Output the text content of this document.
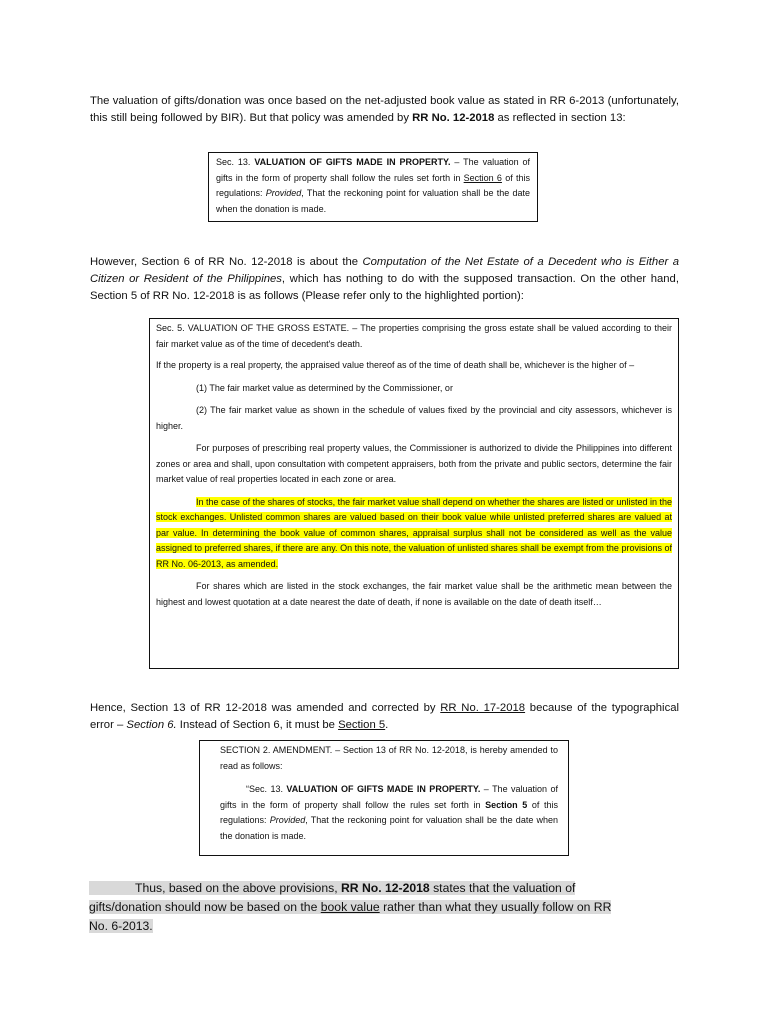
The valuation of gifts/donation was once based on the net-adjusted book value as stated in RR 6-2013 (unfortunately, this still being followed by BIR). But that policy was amended by RR No. 12-2018 as reflected in section 13:

Sec. 13. VALUATION OF GIFTS MADE IN PROPERTY. – The valuation of gifts in the form of property shall follow the rules set forth in Section 6 of this regulations: Provided, That the reckoning point for valuation shall be the date when the donation is made.

However, Section 6 of RR No. 12-2018 is about the Computation of the Net Estate of a Decedent who is Either a Citizen or Resident of the Philippines, which has nothing to do with the supposed transaction. On the other hand, Section 5 of RR No. 12-2018 is as follows (Please refer only to the highlighted portion):

Sec. 5. VALUATION OF THE GROSS ESTATE. – The properties comprising the gross estate shall be valued according to their fair market value as of the time of decedent's death.

If the property is a real property, the appraised value thereof as of the time of death shall be, whichever is the higher of –

(1) The fair market value as determined by the Commissioner, or

(2) The fair market value as shown in the schedule of values fixed by the provincial and city assessors, whichever is higher.

For purposes of prescribing real property values, the Commissioner is authorized to divide the Philippines into different zones or area and shall, upon consultation with competent appraisers, both from the private and public sectors, determine the fair market value of real properties located in each zone or area.

In the case of the shares of stocks, the fair market value shall depend on whether the shares are listed or unlisted in the stock exchanges. Unlisted common shares are valued based on their book value while unlisted preferred shares are valued at par value. In determining the book value of common shares, appraisal surplus shall not be considered as well as the value assigned to preferred shares, if there are any. On this note, the valuation of unlisted shares shall be exempt from the provisions of RR No. 06-2013, as amended.

For shares which are listed in the stock exchanges, the fair market value shall be the arithmetic mean between the highest and lowest quotation at a date nearest the date of death, if none is available on the date of death itself…

Hence, Section 13 of RR 12-2018 was amended and corrected by RR No. 17-2018 because of the typographical error – Section 6. Instead of Section 6, it must be Section 5.

SECTION 2. AMENDMENT. – Section 13 of RR No. 12-2018, is hereby amended to read as follows:

“Sec. 13. VALUATION OF GIFTS MADE IN PROPERTY. – The valuation of gifts in the form of property shall follow the rules set forth in Section 5 of this regulations: Provided, That the reckoning point for valuation shall be the date when the donation is made.

Thus, based on the above provisions, RR No. 12-2018 states that the valuation of gifts/donation should now be based on the book value rather than what they usually follow on RR No. 6-2013.
